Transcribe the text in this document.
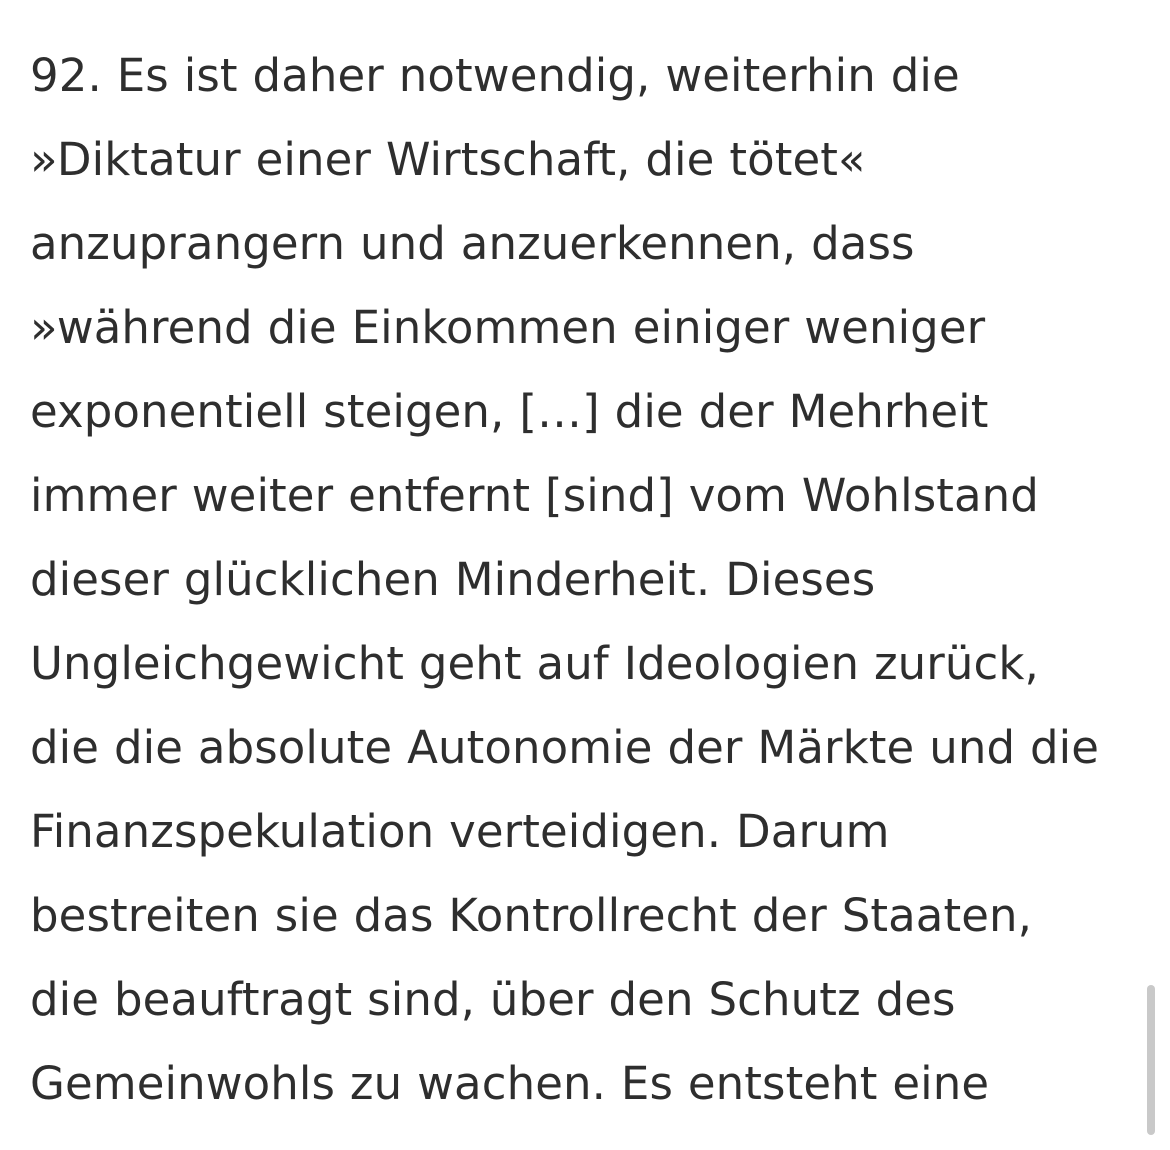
92. Es ist daher notwendig, weiterhin die »Diktatur einer Wirtschaft, die tötet« anzuprangern und anzuerkennen, dass »während die Einkommen einiger weniger exponentiell steigen, […] die der Mehrheit immer weiter entfernt [sind] vom Wohlstand dieser glücklichen Minderheit. Dieses Ungleichgewicht geht auf Ideologien zurück, die die absolute Autonomie der Märkte und die Finanzspekulation verteidigen. Darum bestreiten sie das Kontrollrecht der Staaten, die beauftragt sind, über den Schutz des Gemeinwohls zu wachen. Es entsteht eine
